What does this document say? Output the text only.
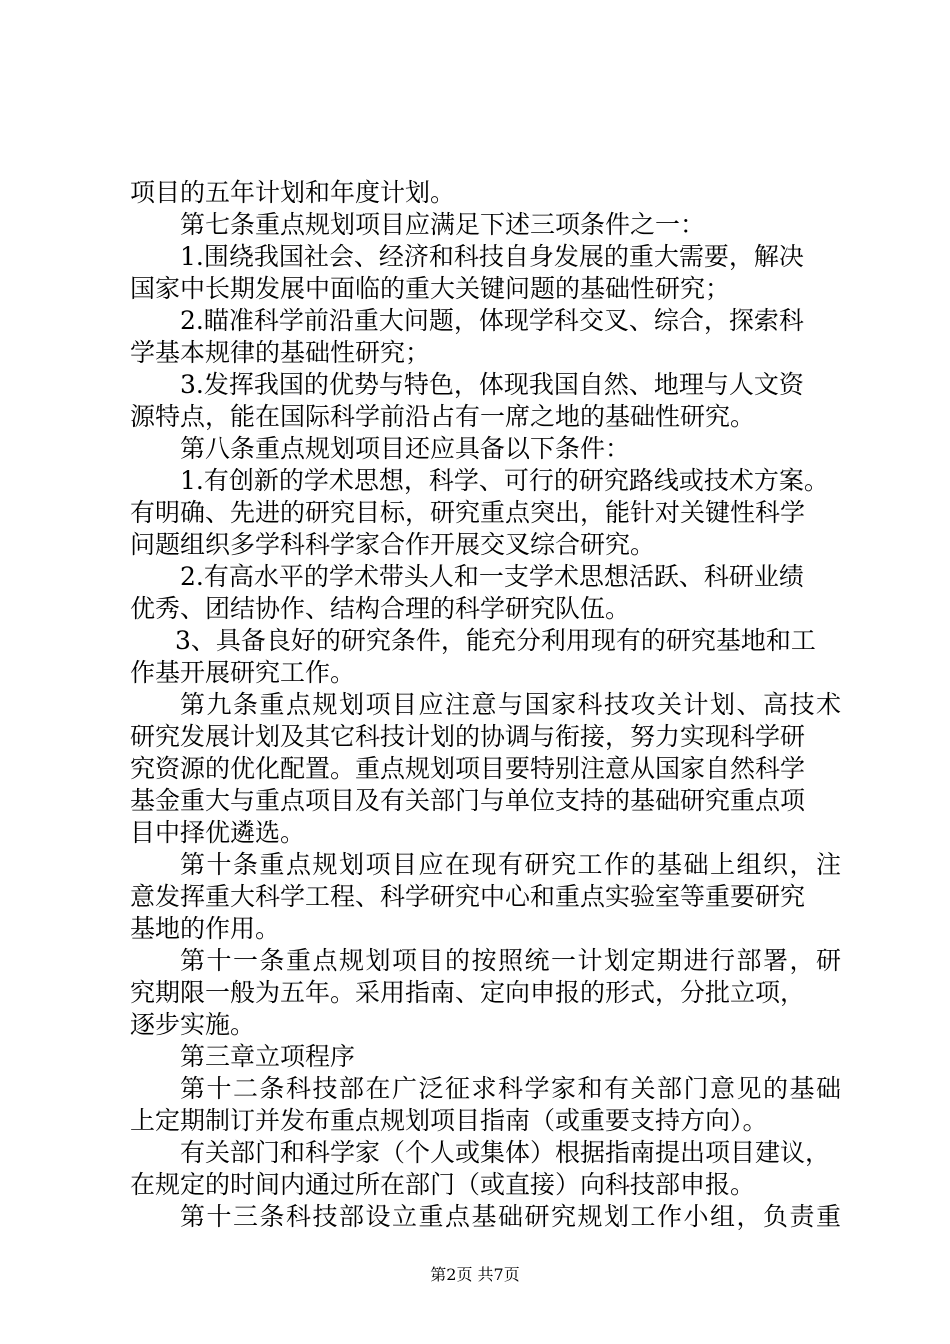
项目的五年计划和年度计划。
第七条重点规划项目应满足下述三项条件之一：
1.围绕我国社会、经济和科技自身发展的重大需要，解决
国家中长期发展中面临的重大关键问题的基础性研究；
2.瞄准科学前沿重大问题，体现学科交叉、综合，探索科
学基本规律的基础性研究；
3.发挥我国的优势与特色，体现我国自然、地理与人文资
源特点，能在国际科学前沿占有一席之地的基础性研究。
第八条重点规划项目还应具备以下条件：
1.有创新的学术思想，科学、可行的研究路线或技术方案。
有明确、先进的研究目标，研究重点突出，能针对关键性科学
问题组织多学科科学家合作开展交叉综合研究。
2.有高水平的学术带头人和一支学术思想活跃、科研业绩
优秀、团结协作、结构合理的科学研究队伍。
3、具备良好的研究条件，能充分利用现有的研究基地和工
作基开展研究工作。
第九条重点规划项目应注意与国家科技攻关计划、高技术
研究发展计划及其它科技计划的协调与衔接，努力实现科学研
究资源的优化配置。重点规划项目要特别注意从国家自然科学
基金重大与重点项目及有关部门与单位支持的基础研究重点项
目中择优遴选。
第十条重点规划项目应在现有研究工作的基础上组织，注
意发挥重大科学工程、科学研究中心和重点实验室等重要研究
基地的作用。
第十一条重点规划项目的按照统一计划定期进行部署，研
究期限一般为五年。采用指南、定向申报的形式，分批立项，
逐步实施。
第三章立项程序
第十二条科技部在广泛征求科学家和有关部门意见的基础
上定期制订并发布重点规划项目指南（或重要支持方向）。
有关部门和科学家（个人或集体）根据指南提出项目建议，
在规定的时间内通过所在部门（或直接）向科技部申报。
第十三条科技部设立重点基础研究规划工作小组，负责重
第2页 共7页
